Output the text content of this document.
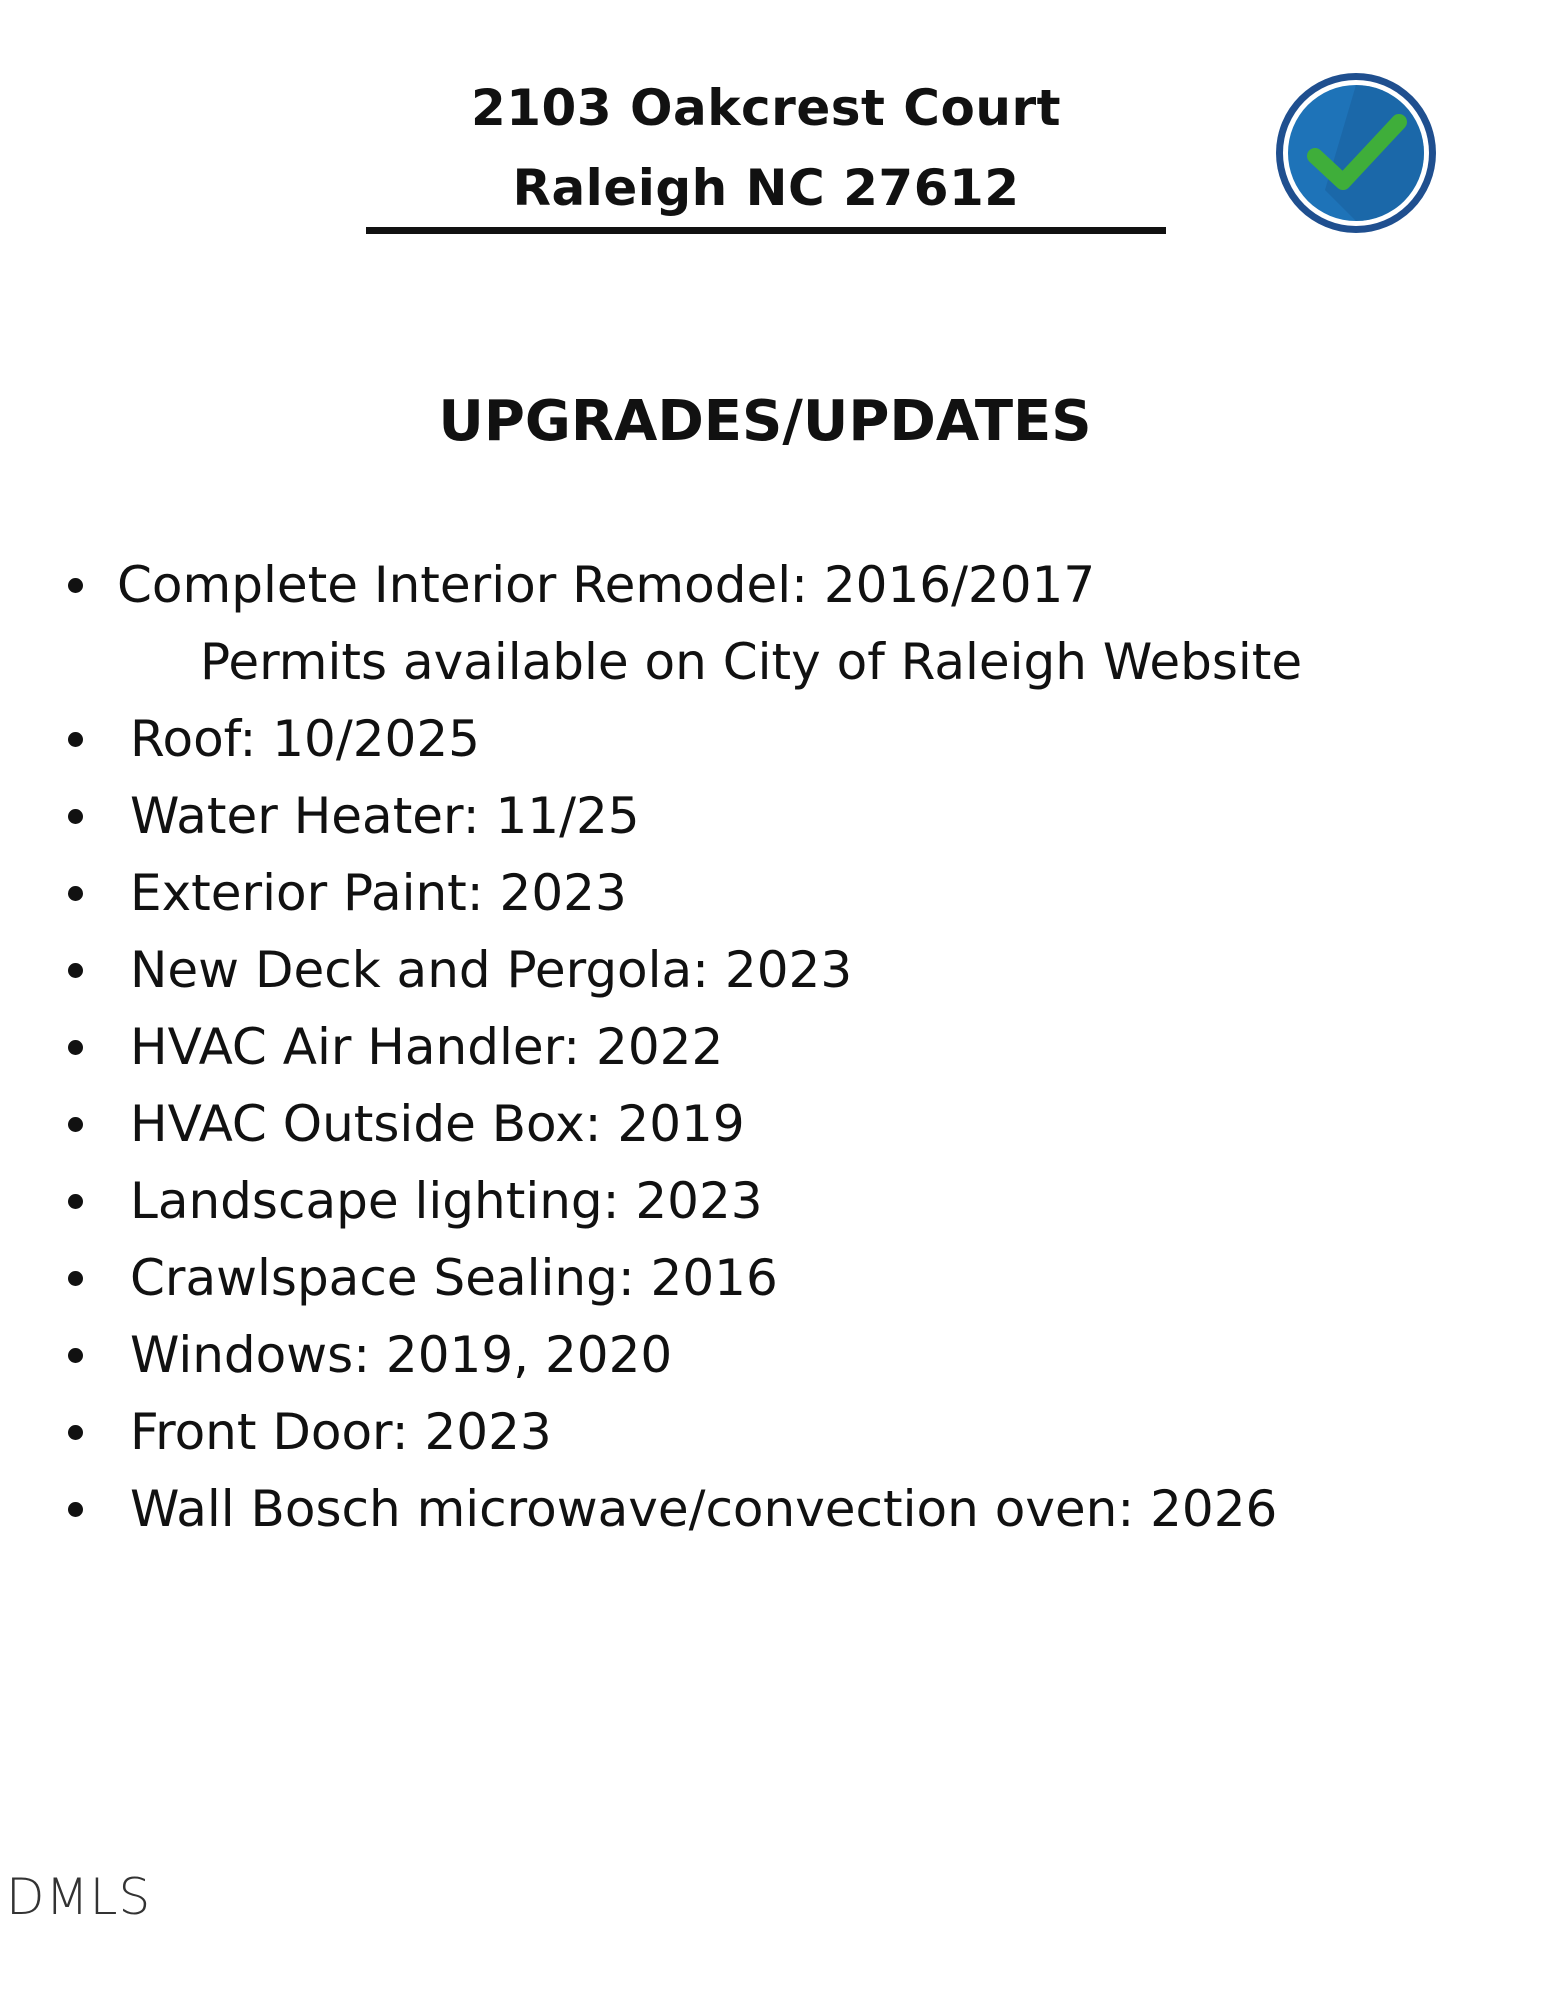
2103 Oakcrest Court
Raleigh NC 27612
UPGRADES/UPDATES
Complete Interior Remodel: 2016/2017
Permits available on City of Raleigh Website
Roof: 10/2025
Water Heater: 11/25
Exterior Paint: 2023
New Deck and Pergola: 2023
HVAC Air Handler: 2022
HVAC Outside Box: 2019
Landscape lighting: 2023
Crawlspace Sealing: 2016
Windows: 2019, 2020
Front Door: 2023
Wall Bosch microwave/convection oven: 2026
DMLS
